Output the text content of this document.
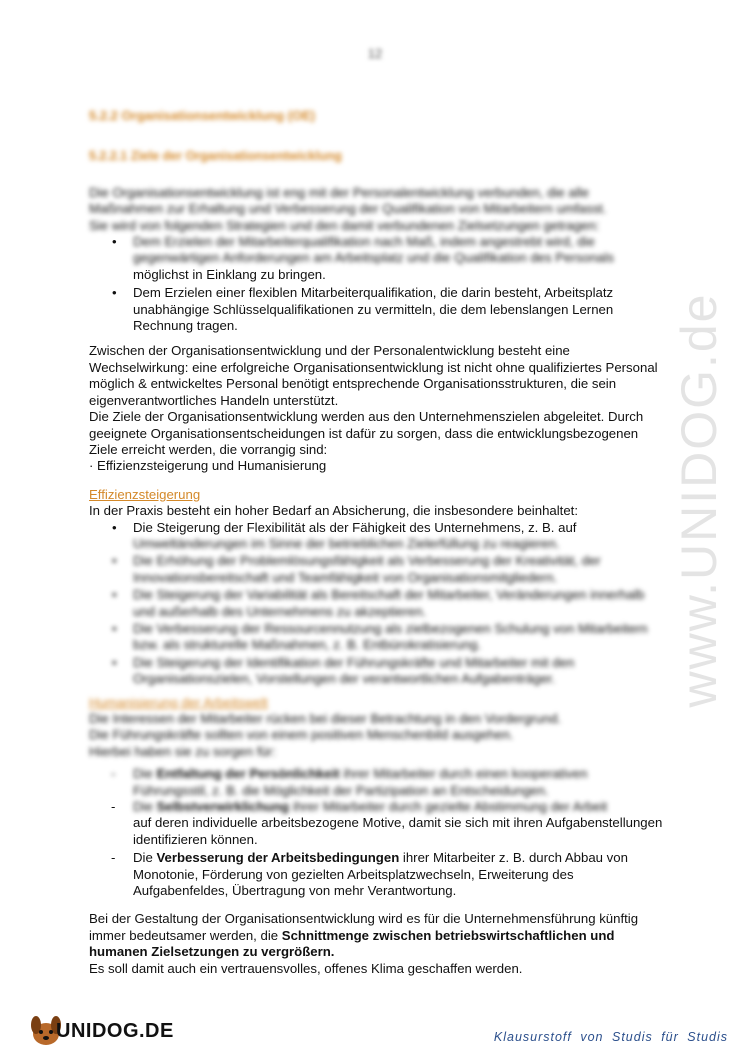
12
www.UNIDOG.de
5.2.2 Organisationsentwicklung (OE)
5.2.2.1 Ziele der Organisationsentwicklung

Die Organisationsentwicklung ist eng mit der Personalentwicklung verbunden, die alle Maßnahmen zur Erhaltung und Verbesserung der Qualifikation von Mitarbeitern umfasst.

Sie wird von folgenden Strategien und den damit verbundenen Zielsetzungen getragen:

• Dem Erzielen der Mitarbeiterqualifikation nach Maß, indem angestrebt wird, die gegenwärtigen Anforderungen am Arbeitsplatz und die Qualifikation des Personals
möglichst in Einklang zu bringen.
• Dem Erzielen einer flexiblen Mitarbeiterqualifikation, die darin besteht, Arbeitsplatz unabhängige Schlüsselqualifikationen zu vermitteln, die dem lebenslangen Lernen Rechnung tragen.

Zwischen der Organisationsentwicklung und der Personalentwicklung besteht eine Wechselwirkung: eine erfolgreiche Organisationsentwicklung ist nicht ohne qualifiziertes Personal möglich & entwickeltes Personal benötigt entsprechende Organisationsstrukturen, die sein eigenverantwortliches Handeln unterstützt.

Die Ziele der Organisationsentwicklung werden aus den Unternehmenszielen abgeleitet. Durch geeignete Organisationsentscheidungen ist dafür zu sorgen, dass die entwicklungsbezogenen Ziele erreicht werden, die vorrangig sind:

· Effizienzsteigerung und Humanisierung

Effizienzsteigerung

In der Praxis besteht ein hoher Bedarf an Absicherung, die insbesondere beinhaltet:

• Die Steigerung der Flexibilität als der Fähigkeit des Unternehmens, z. B. auf
Umweltänderungen im Sinne der betrieblichen Zielerfüllung zu reagieren.
• Die Erhöhung der Problemlösungsfähigkeit als Verbesserung der Kreativität, der Innovationsbereitschaft und Teamfähigkeit von Organisationsmitgliedern.
• Die Steigerung der Variabilität als Bereitschaft der Mitarbeiter, Veränderungen innerhalb und außerhalb des Unternehmens zu akzeptieren.
• Die Verbesserung der Ressourcennutzung als zielbezogenen Schulung von Mitarbeitern bzw. als strukturelle Maßnahmen, z. B. Entbürokratisierung.
• Die Steigerung der Identifikation der Führungskräfte und Mitarbeiter mit den Organisationszielen, Vorstellungen der verantwortlichen Aufgabenträger.
Humanisierung der Arbeitswelt

Die Interessen der Mitarbeiter rücken bei dieser Betrachtung in den Vordergrund.

Die Führungskräfte sollten von einem positiven Menschenbild ausgehen.

Hierbei haben sie zu sorgen für:

- Die Entfaltung der Persönlichkeit ihrer Mitarbeiter durch einen kooperativen Führungsstil, z. B. die Möglichkeit der Partizipation an Entscheidungen.
- Die Selbstverwirklichung ihrer Mitarbeiter durch gezielte Abstimmung der Arbeit
auf deren individuelle arbeitsbezogene Motive, damit sie sich mit ihren Aufgabenstellungen identifizieren können.
- Die Verbesserung der Arbeitsbedingungen ihrer Mitarbeiter z. B. durch Abbau von Monotonie, Förderung von gezielten Arbeitsplatzwechseln, Erweiterung des Aufgabenfeldes, Übertragung von mehr Verantwortung.

Bei der Gestaltung der Organisationsentwicklung wird es für die Unternehmensführung künftig immer bedeutsamer werden, die Schnittmenge zwischen betriebswirtschaftlichen und humanen Zielsetzungen zu vergrößern.

Es soll damit auch ein vertrauensvolles, offenes Klima geschaffen werden.

UNIDOG.DE	Klausurstoff von Studis für Studis
